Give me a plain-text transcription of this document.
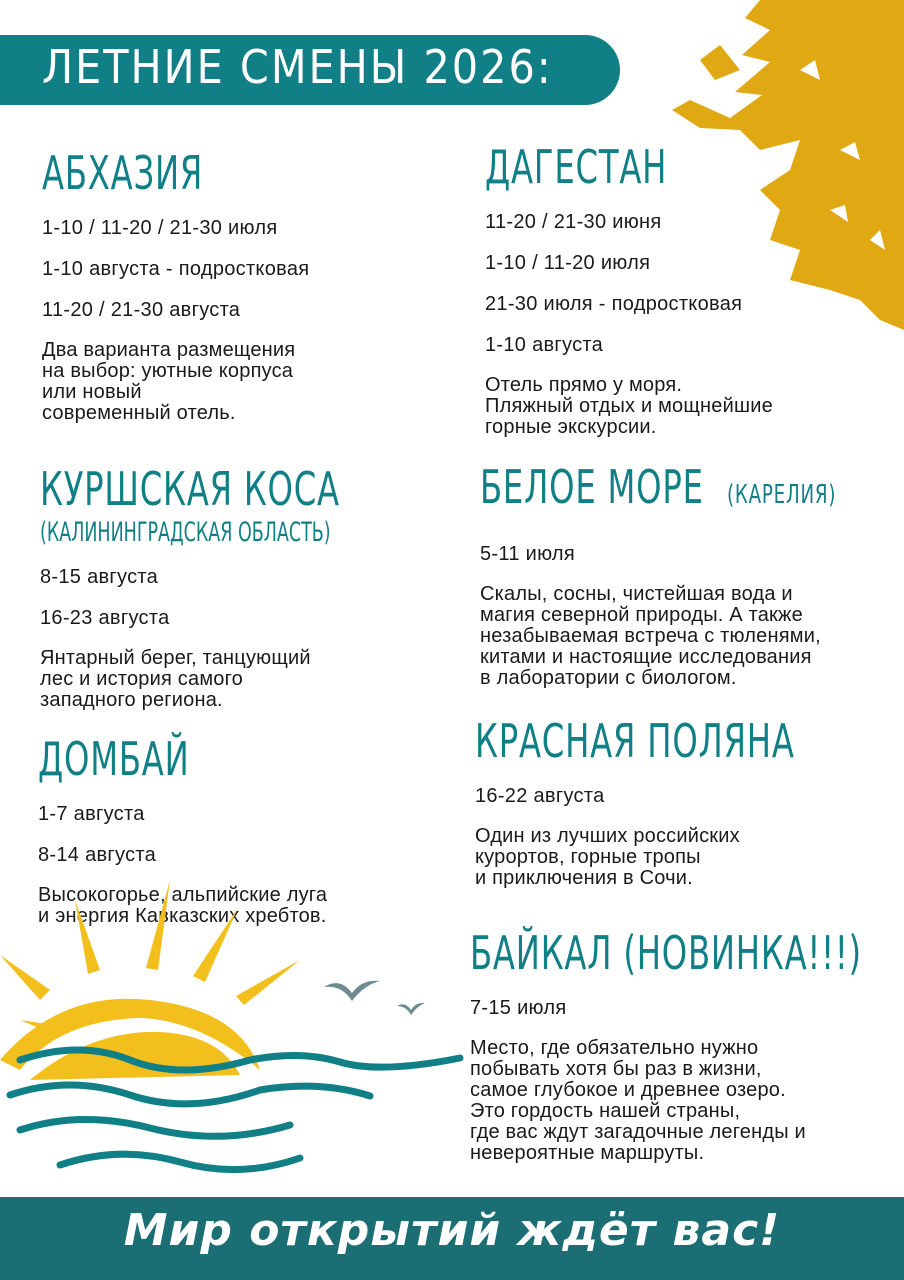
ЛЕТНИЕ СМЕНЫ 2026:
АБХАЗИЯ
1-10 / 11-20 / 21-30 июля
1-10 августа - подростковая
11-20 / 21-30 августа
Два варианта размещения
на выбор: уютные корпуса
или новый
современный отель.
ДАГЕСТАН
11-20 / 21-30 июня
1-10 / 11-20 июля
21-30 июля - подростковая
1-10 августа
Отель прямо у моря.
Пляжный отдых и мощнейшие
горные экскурсии.
КУРШСКАЯ КОСА
(КАЛИНИНГРАДСКАЯ ОБЛАСТЬ)
8-15 августа
16-23 августа
Янтарный берег, танцующий
лес и история самого
западного региона.
БЕЛОЕ МОРЕ (КАРЕЛИЯ)
5-11 июля
Скалы, сосны, чистейшая вода и
магия северной природы. А также
незабываемая встреча с тюленями,
китами и настоящие исследования
в лаборатории с биологом.
ДОМБАЙ
1-7 августа
8-14 августа
Высокогорье, альпийские луга
и энергия Кавказских хребтов.
КРАСНАЯ ПОЛЯНА
16-22 августа
Один из лучших российских
курортов, горные тропы
и приключения в Сочи.
БАЙКАЛ (НОВИНКА!!!)
7-15 июля
Место, где обязательно нужно
побывать хотя бы раз в жизни,
самое глубокое и древнее озеро.
Это гордость нашей страны,
где вас ждут загадочные легенды и
невероятные маршруты.
Мир открытий ждёт вас!
